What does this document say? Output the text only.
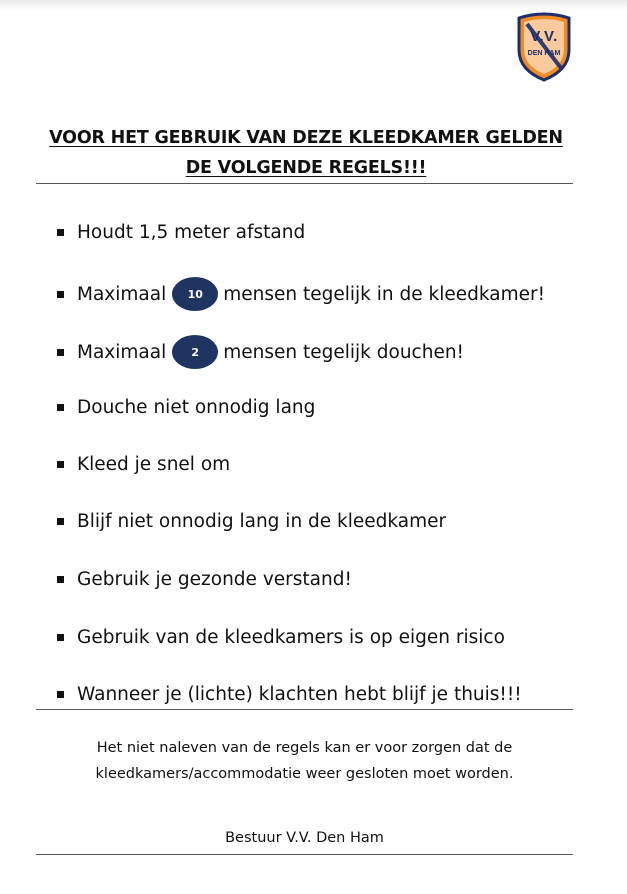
V.V.
DEN HAM
VOOR HET GEBRUIK VAN DEZE KLEEDKAMER GELDEN
DE VOLGENDE REGELS!!!
Houdt 1,5 meter afstand
Maximaal	10	mensen tegelijk in de kleedkamer!
Maximaal	2	mensen tegelijk douchen!
Douche niet onnodig lang
Kleed je snel om
Blijf niet onnodig lang in de kleedkamer
Gebruik je gezonde verstand!
Gebruik van de kleedkamers is op eigen risico
Wanneer je (lichte) klachten hebt blijf je thuis!!!
Het niet naleven van de regels kan er voor zorgen dat de
kleedkamers/accommodatie weer gesloten moet worden.
Bestuur V.V. Den Ham
